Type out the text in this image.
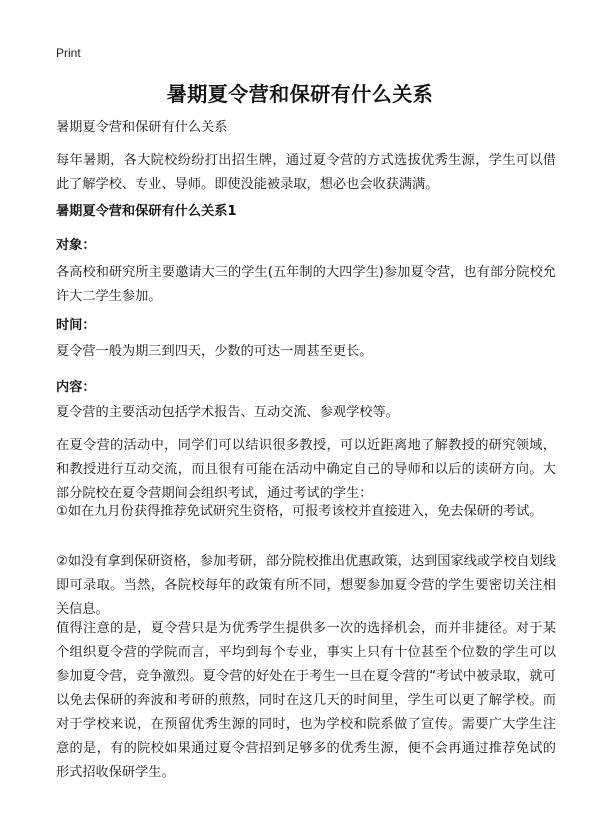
Print
暑期夏令营和保研有什么关系
暑期夏令营和保研有什么关系
每年暑期，各大院校纷纷打出招生牌，通过夏令营的方式选拔优秀生源，学生可以借此了解学校、专业、导师。即使没能被录取，想必也会收获满满。
暑期夏令营和保研有什么关系1
对象：
各高校和研究所主要邀请大三的学生(五年制的大四学生)参加夏令营，也有部分院校允许大二学生参加。
时间：
夏令营一般为期三到四天，少数的可达一周甚至更长。
内容：
夏令营的主要活动包括学术报告、互动交流、参观学校等。
在夏令营的活动中，同学们可以结识很多教授，可以近距离地了解教授的研究领域，和教授进行互动交流，而且很有可能在活动中确定自己的导师和以后的读研方向。大部分院校在夏令营期间会组织考试，通过考试的学生：
①如在九月份获得推荐免试研究生资格，可报考该校并直接进入，免去保研的考试。
②如没有拿到保研资格，参加考研，部分院校推出优惠政策，达到国家线或学校自划线即可录取。当然，各院校每年的政策有所不同，想要参加夏令营的学生要密切关注相关信息。
值得注意的是，夏令营只是为优秀学生提供多一次的选择机会，而并非捷径。对于某个组织夏令营的学院而言，平均到每个专业，事实上只有十位甚至个位数的学生可以参加夏令营，竞争激烈。夏令营的好处在于考生一旦在夏令营的“考试中被录取，就可以免去保研的奔波和考研的煎熬，同时在这几天的时间里，学生可以更了解学校。而对于学校来说，在预留优秀生源的同时，也为学校和院系做了宣传。需要广大学生注意的是，有的院校如果通过夏令营招到足够多的优秀生源，便不会再通过推荐免试的形式招收保研学生。
